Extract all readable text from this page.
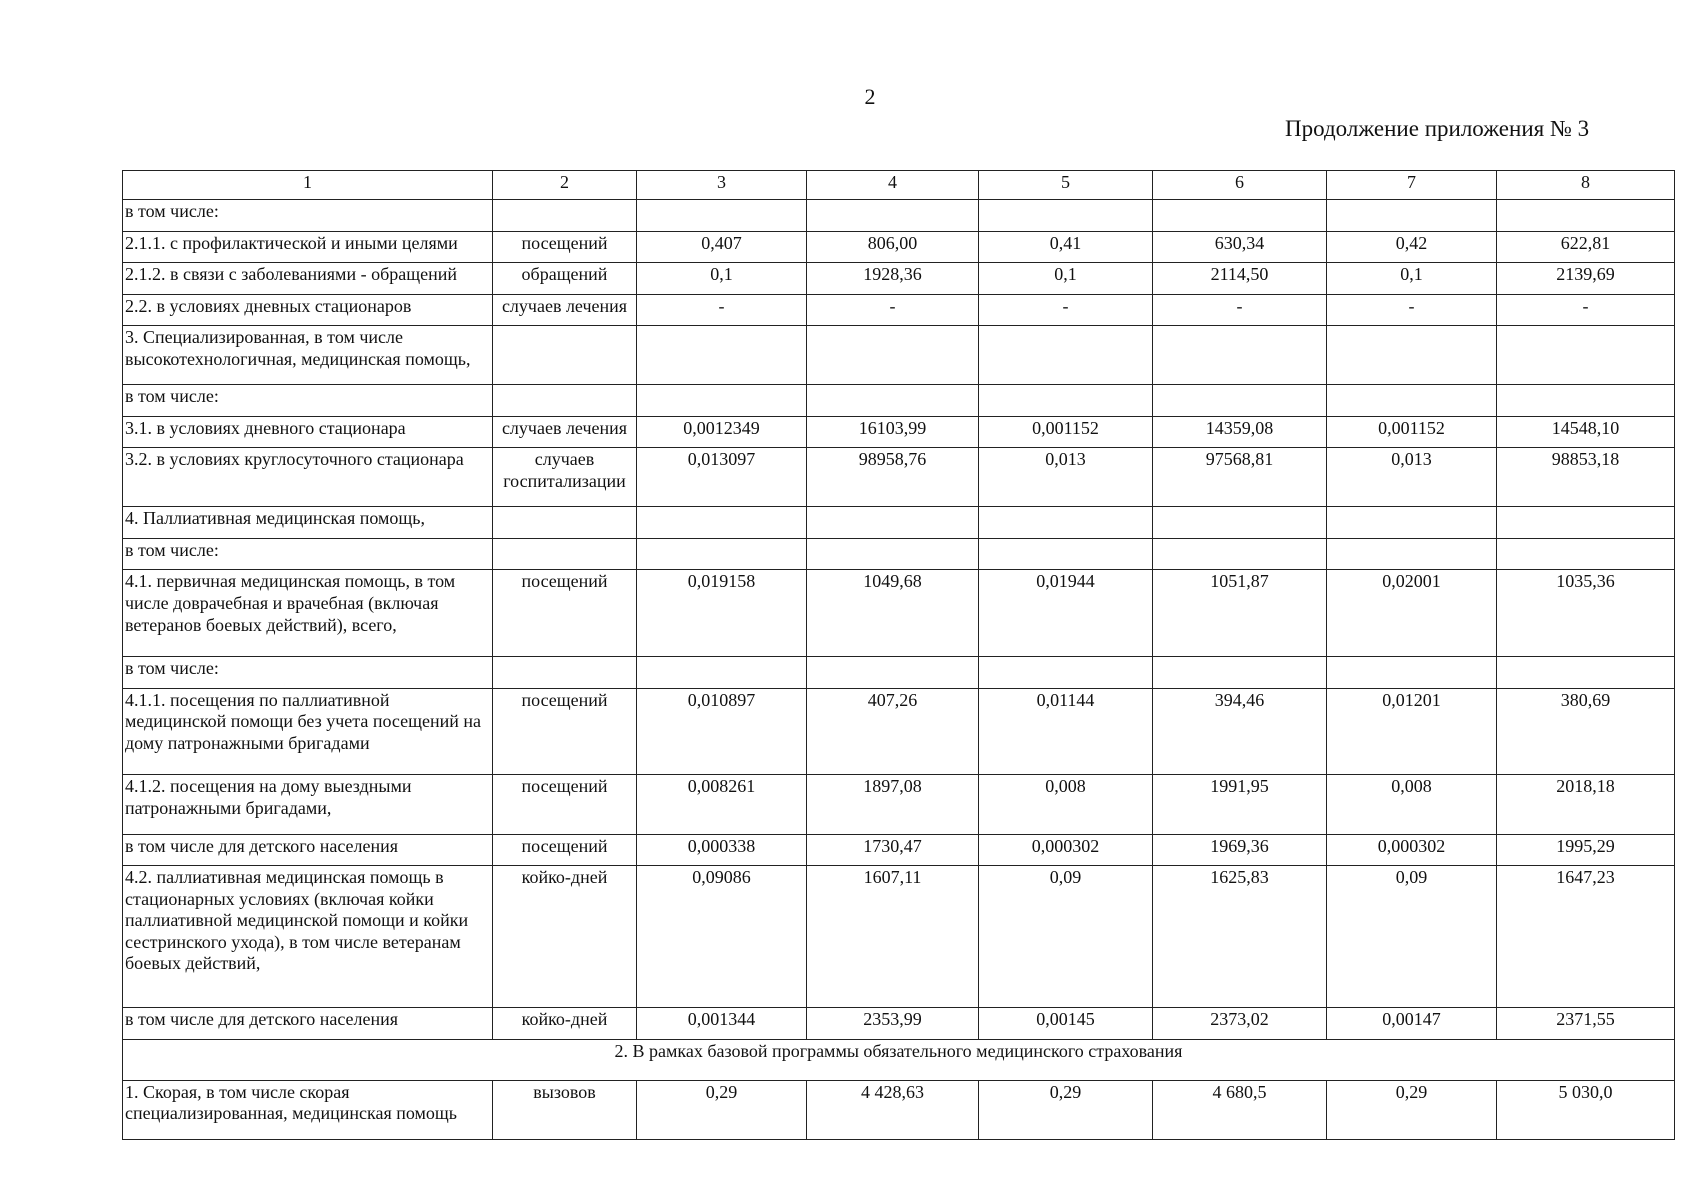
2
Продолжение приложения № 3
1	2	3	4	5	6	7	8
в том числе:							
2.1.1. с профилактической и иными целями	посещений	0,407	806,00	0,41	630,34	0,42	622,81
2.1.2. в связи с заболеваниями - обращений	обращений	0,1	1928,36	0,1	2114,50	0,1	2139,69
2.2. в условиях дневных стационаров	случаев лечения	-	-	-	-	-	-
3. Специализированная, в том числе высокотехнологичная, медицинская помощь,							
в том числе:							
3.1. в условиях дневного стационара	случаев лечения	0,0012349	16103,99	0,001152	14359,08	0,001152	14548,10
3.2. в условиях круглосуточного стационара	случаев госпитализации	0,013097	98958,76	0,013	97568,81	0,013	98853,18
4. Паллиативная медицинская помощь,							
в том числе:							
4.1. первичная медицинская помощь, в том числе доврачебная и врачебная (включая ветеранов боевых действий), всего,	посещений	0,019158	1049,68	0,01944	1051,87	0,02001	1035,36
в том числе:							
4.1.1. посещения по паллиативной медицинской помощи без учета посещений на дому патронажными бригадами	посещений	0,010897	407,26	0,01144	394,46	0,01201	380,69
4.1.2. посещения на дому выездными патронажными бригадами,	посещений	0,008261	1897,08	0,008	1991,95	0,008	2018,18
в том числе для детского населения	посещений	0,000338	1730,47	0,000302	1969,36	0,000302	1995,29
4.2. паллиативная медицинская помощь в стационарных условиях (включая койки паллиативной медицинской помощи и койки сестринского ухода), в том числе ветеранам боевых действий,	койко-дней	0,09086	1607,11	0,09	1625,83	0,09	1647,23
в том числе для детского населения	койко-дней	0,001344	2353,99	0,00145	2373,02	0,00147	2371,55
2. В рамках базовой программы обязательного медицинского страхования							
1. Скорая, в том числе скорая специализированная, медицинская помощь	вызовов	0,29	4 428,63	0,29	4 680,5	0,29	5 030,0
